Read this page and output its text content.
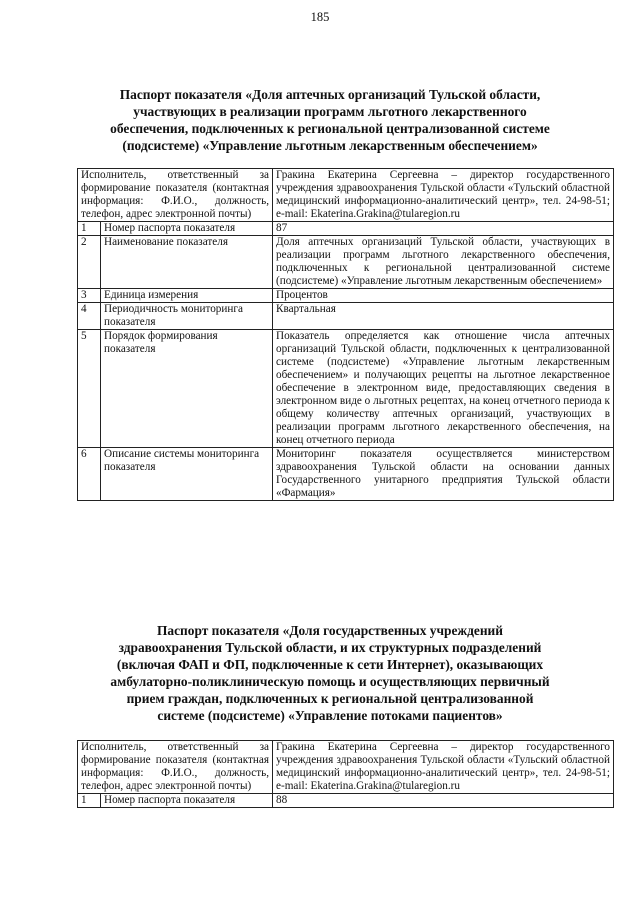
185
Паспорт показателя «Доля аптечных организаций Тульской области,
участвующих в реализации программ льготного лекарственного
обеспечения, подключенных к региональной централизованной системе
(подсистеме) «Управление льготным лекарственным обеспечением»
Исполнитель, ответственный за формирование показателя (контактная информация: Ф.И.О., должность, телефон, адрес электронной почты)		Гракина Екатерина Сергеевна – директор государственного учреждения здравоохранения Тульской области «Тульский областной медицинский информационно-аналитический центр», тел. 24-98-51; e-mail: Ekaterina.Grakina@tularegion.ru
1	Номер паспорта показателя	87
2	Наименование показателя	Доля аптечных организаций Тульской области, участвующих в реализации программ льготного лекарственного обеспечения, подключенных к региональной централизованной системе (подсистеме) «Управление льготным лекарственным обеспечением»
3	Единица измерения	Процентов
4	Периодичность мониторинга показателя	Квартальная
5	Порядок формирования показателя	Показатель определяется как отношение числа аптечных организаций Тульской области, подключенных к централизованной системе (подсистеме) «Управление льготным лекарственным обеспечением» и получающих рецепты на льготное лекарственное обеспечение в электронном виде, предоставляющих сведения в электронном виде о льготных рецептах, на конец отчетного периода к общему количеству аптечных организаций, участвующих в реализации программ льготного лекарственного обеспечения, на конец отчетного периода
6	Описание системы мониторинга показателя	Мониторинг показателя осуществляется министерством здравоохранения Тульской области на основании данных Государственного унитарного предприятия Тульской области «Фармация»
Паспорт показателя «Доля государственных учреждений
здравоохранения Тульской области, и их структурных подразделений
(включая ФАП и ФП, подключенные к сети Интернет), оказывающих
амбулаторно-поликлиническую помощь и осуществляющих первичный
прием граждан, подключенных к региональной централизованной
системе (подсистеме) «Управление потоками пациентов»
Исполнитель, ответственный за формирование показателя (контактная информация: Ф.И.О., должность, телефон, адрес электронной почты)		Гракина Екатерина Сергеевна – директор государственного учреждения здравоохранения Тульской области «Тульский областной медицинский информационно-аналитический центр», тел. 24-98-51; e-mail: Ekaterina.Grakina@tularegion.ru
1	Номер паспорта показателя	88
